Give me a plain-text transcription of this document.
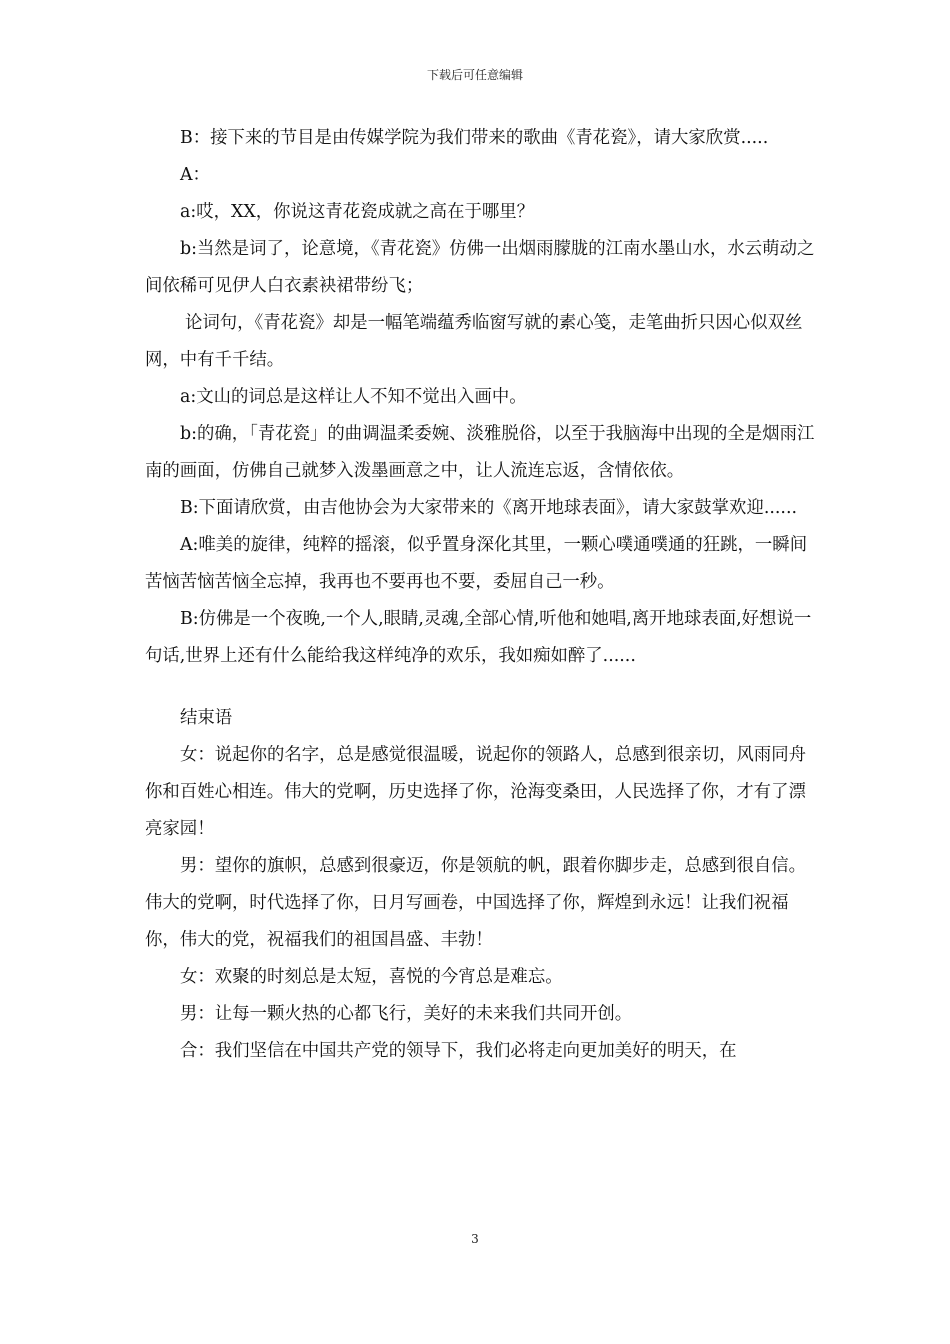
下载后可任意编辑

B：接下来的节目是由传媒学院为我们带来的歌曲《青花瓷》，请大家欣赏.....

A：

a:哎，XX，你说这青花瓷成就之高在于哪里？

b:当然是词了，论意境，《青花瓷》仿佛一出烟雨朦胧的江南水墨山水，水云萌动之间依稀可见伊人白衣素袂裙带纷飞；

论词句，《青花瓷》却是一幅笔端蕴秀临窗写就的素心笺，走笔曲折只因心似双丝网，中有千千结。

a:文山的词总是这样让人不知不觉出入画中。

b:的确，「青花瓷」的曲调温柔委婉、淡雅脱俗，以至于我脑海中出现的全是烟雨江南的画面，仿佛自己就梦入泼墨画意之中，让人流连忘返，含情依依。

B:下面请欣赏，由吉他协会为大家带来的《离开地球表面》，请大家鼓掌欢迎......

A:唯美的旋律，纯粹的摇滚，似乎置身深化其里，一颗心噗通噗通的狂跳，一瞬间苦恼苦恼苦恼全忘掉，我再也不要再也不要，委屈自己一秒。

B:仿佛是一个夜晚,一个人,眼睛,灵魂,全部心情,听他和她唱,离开地球表面,好想说一句话,世界上还有什么能给我这样纯净的欢乐，我如痴如醉了......

结束语

女：说起你的名字，总是感觉很温暖，说起你的领路人，总感到很亲切，风雨同舟你和百姓心相连。伟大的党啊，历史选择了你，沧海变桑田，人民选择了你，才有了漂亮家园！

男：望你的旗帜，总感到很豪迈，你是领航的帆，跟着你脚步走，总感到很自信。伟大的党啊，时代选择了你，日月写画卷，中国选择了你，辉煌到永远！让我们祝福你，伟大的党，祝福我们的祖国昌盛、丰勃！

女：欢聚的时刻总是太短，喜悦的今宵总是难忘。

男：让每一颗火热的心都飞行，美好的未来我们共同开创。

合：我们坚信在中国共产党的领导下，我们必将走向更加美好的明天，在

3
